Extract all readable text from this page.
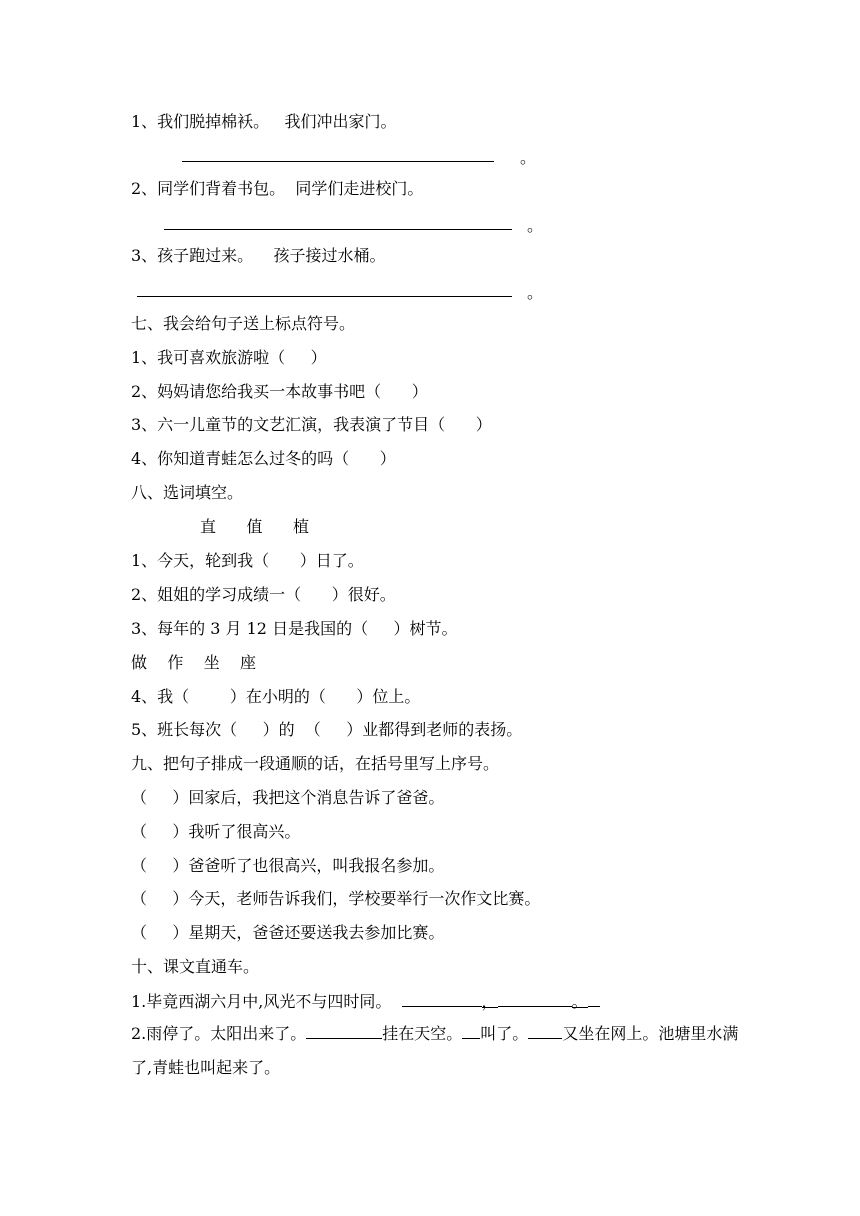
1、我们脱掉棉袄。   我们冲出家门。
。
2、同学们背着书包。  同学们走进校门。
。
3、孩子跑过来。    孩子接过水桶。
。
七、我会给句子送上标点符号。
1、我可喜欢旅游啦（     ）
2、妈妈请您给我买一本故事书吧（      ）
3、六一儿童节的文艺汇演，我表演了节目（      ）
4、你知道青蛙怎么过冬的吗（      ）
八、选词填空。
直      值      植
1、今天，轮到我（      ）日了。
2、姐姐的学习成绩一（      ）很好。
3、每年的 3 月 12 日是我国的（     ）树节。
做    作    坐    座
4、我（        ）在小明的（      ）位上。
5、班长每次（     ）的  （     ）业都得到老师的表扬。
九、把句子排成一段通顺的话，在括号里写上序号。
（     ）回家后，我把这个消息告诉了爸爸。
（     ）我听了很高兴。
（     ）爸爸听了也很高兴，叫我报名参加。
（     ）今天，老师告诉我们，学校要举行一次作文比赛。
（     ）星期天，爸爸还要送我去参加比赛。
十、课文直通车。
1.毕竟西湖六月中,风光不与四时同。	，	。
2.雨停了。太阳出来了。	挂在天空。 叫了。 又坐在网上。池塘里水满了,青蛙也叫起来了。
